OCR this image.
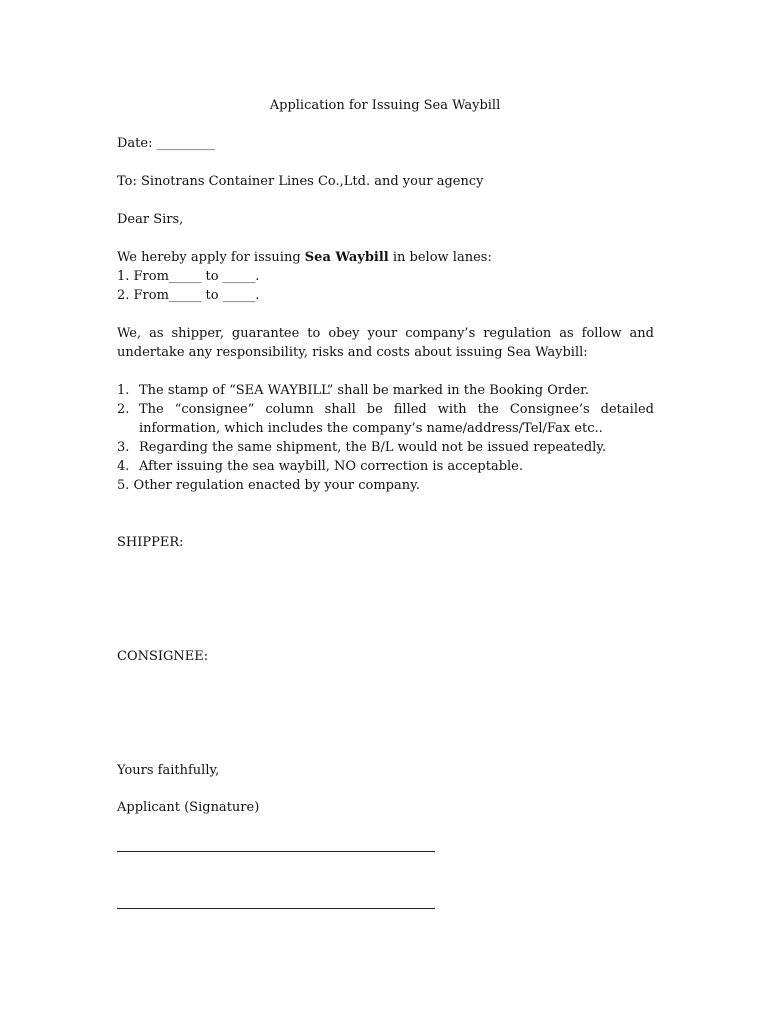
Application for Issuing Sea Waybill
Date: _________
To: Sinotrans Container Lines Co.,Ltd. and your agency
Dear Sirs,
We hereby apply for issuing Sea Waybill in below lanes:
1. From_____ to _____.
2. From_____ to _____.
We, as shipper, guarantee to obey your company’s regulation as follow and undertake any responsibility, risks and costs about issuing Sea Waybill:
1. The stamp of “SEA WAYBILL” shall be marked in the Booking Order.
2. The “consignee” column shall be filled with the Consignee’s detailed information, which includes the company’s name/address/Tel/Fax etc..
3. Regarding the same shipment, the B/L would not be issued repeatedly.
4. After issuing the sea waybill, NO correction is acceptable.
5. Other regulation enacted by your company.
SHIPPER:
CONSIGNEE:
Yours faithfully,
Applicant (Signature)
